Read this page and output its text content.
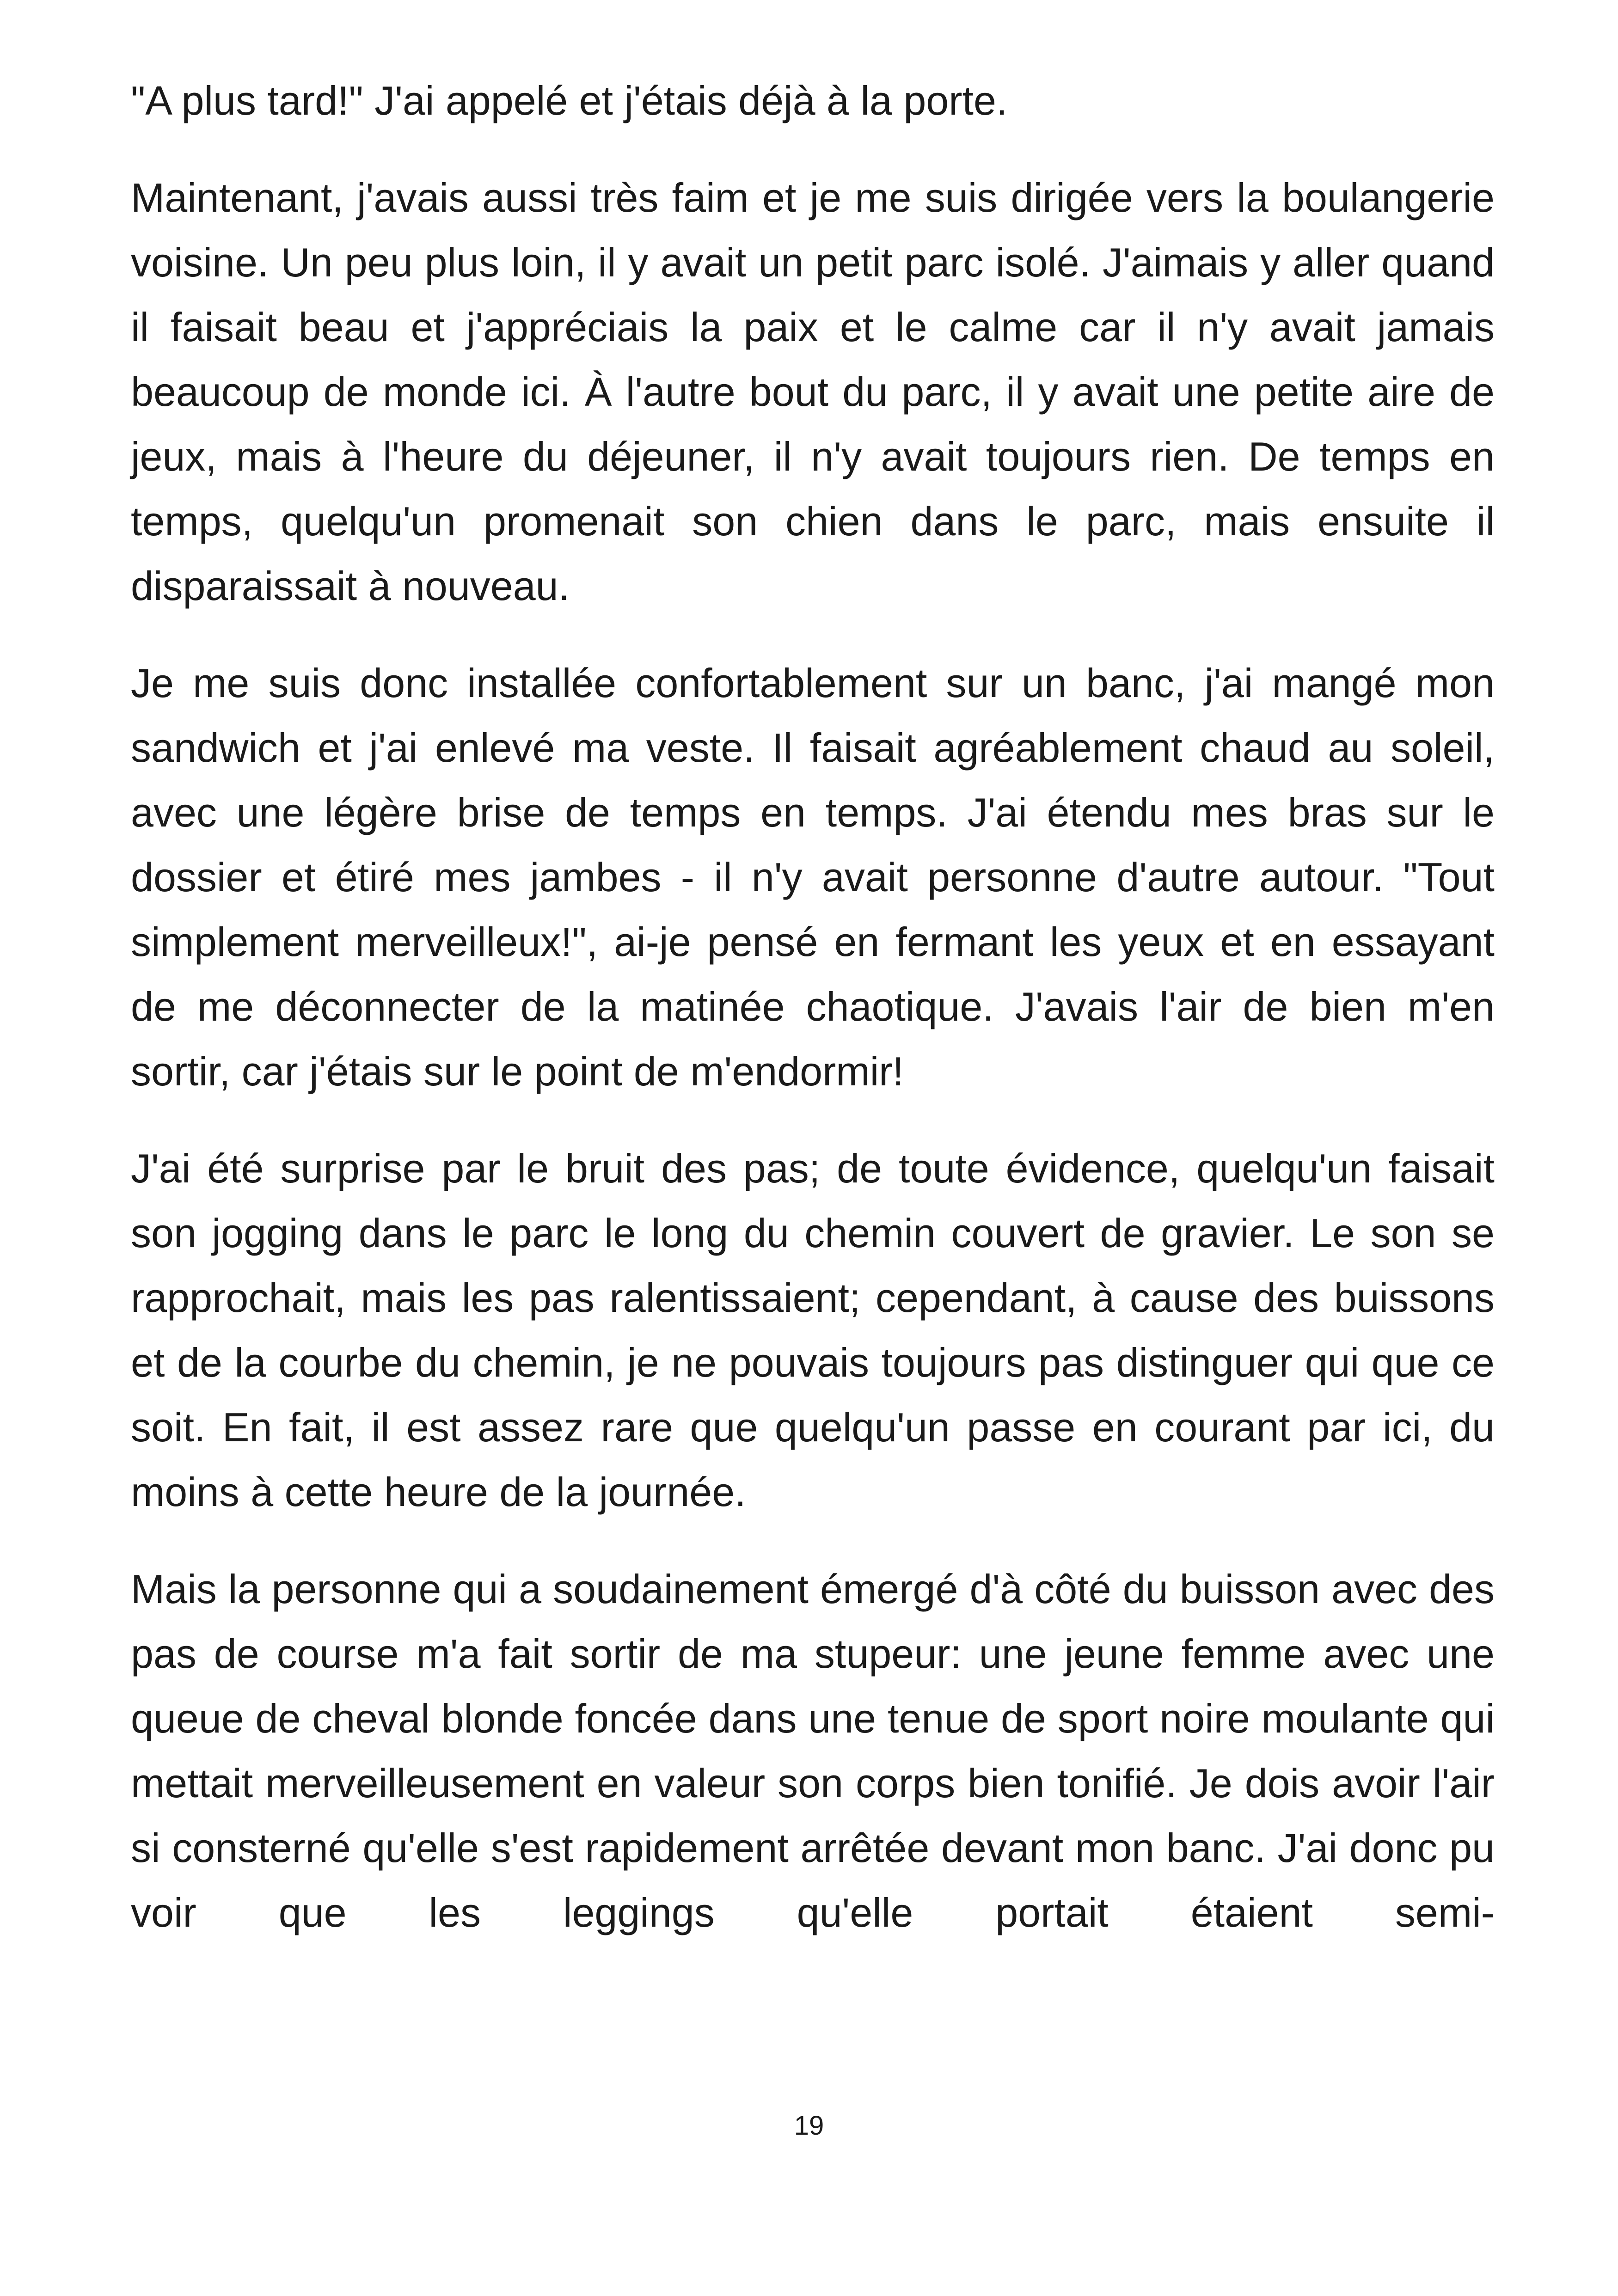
"A plus tard!" J'ai appelé et j'étais déjà à la porte.

Maintenant, j'avais aussi très faim et je me suis dirigée vers la boulangerie voisine. Un peu plus loin, il y avait un petit parc isolé. J'aimais y aller quand il faisait beau et j'appréciais la paix et le calme car il n'y avait jamais beaucoup de monde ici. À l'autre bout du parc, il y avait une petite aire de jeux, mais à l'heure du déjeuner, il n'y avait toujours rien. De temps en temps, quelqu'un promenait son chien dans le parc, mais ensuite il disparaissait à nouveau.

Je me suis donc installée confortablement sur un banc, j'ai mangé mon sandwich et j'ai enlevé ma veste. Il faisait agréablement chaud au soleil, avec une légère brise de temps en temps. J'ai étendu mes bras sur le dossier et étiré mes jambes - il n'y avait personne d'autre autour. "Tout simplement merveilleux!", ai-je pensé en fermant les yeux et en essayant de me déconnecter de la matinée chaotique. J'avais l'air de bien m'en sortir, car j'étais sur le point de m'endormir!

J'ai été surprise par le bruit des pas; de toute évidence, quelqu'un faisait son jogging dans le parc le long du chemin couvert de gravier. Le son se rapprochait, mais les pas ralentissaient; cependant, à cause des buissons et de la courbe du chemin, je ne pouvais toujours pas distinguer qui que ce soit. En fait, il est assez rare que quelqu'un passe en courant par ici, du moins à cette heure de la journée.

Mais la personne qui a soudainement émergé d'à côté du buisson avec des pas de course m'a fait sortir de ma stupeur: une jeune femme avec une queue de cheval blonde foncée dans une tenue de sport noire moulante qui mettait merveilleusement en valeur son corps bien tonifié. Je dois avoir l'air si consterné qu'elle s'est rapidement arrêtée devant mon banc. J'ai donc pu voir que les leggings qu'elle portait étaient semi-

19
